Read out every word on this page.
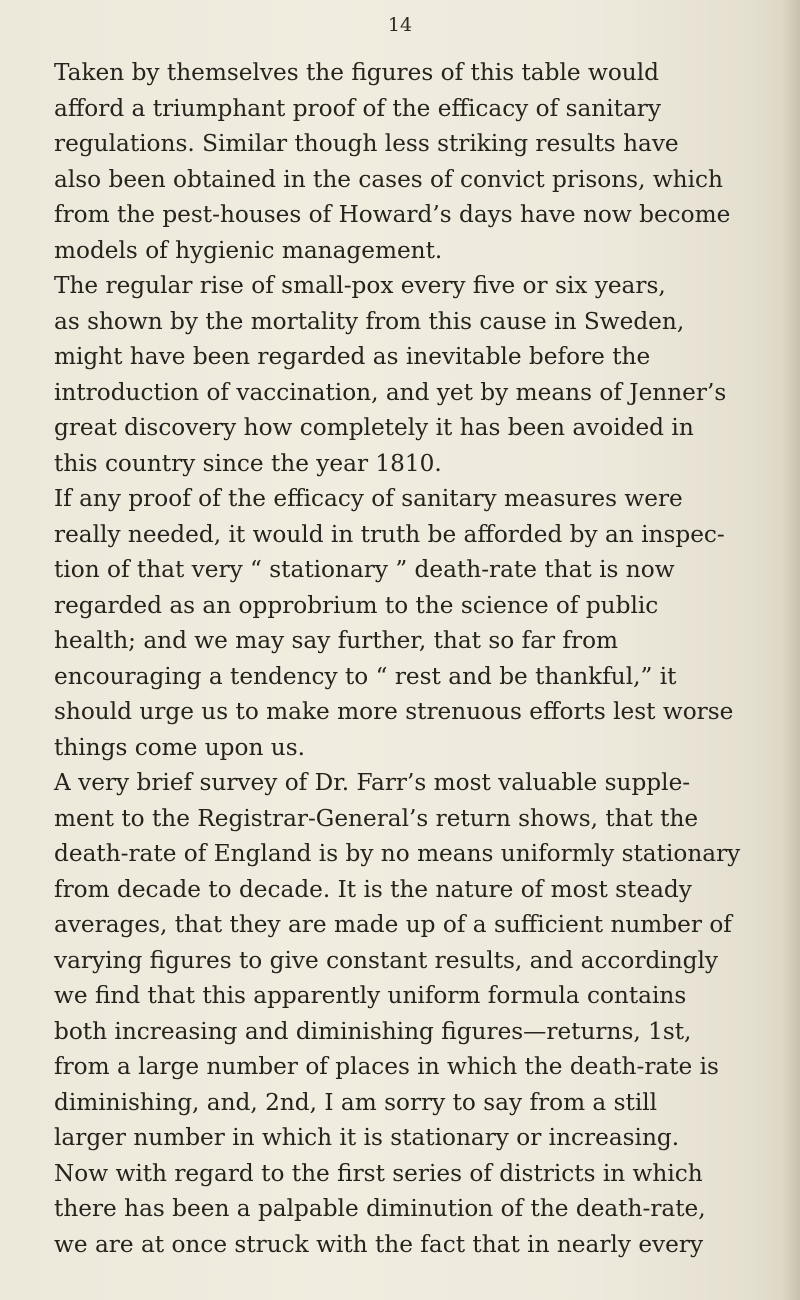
14
Taken by themselves the figures of this table would
afford a triumphant proof of the efficacy of sanitary
regulations. Similar though less striking results have
also been obtained in the cases of convict prisons, which
from the pest-houses of Howard’s days have now become
models of hygienic management.
The regular rise of small-pox every five or six years,
as shown by the mortality from this cause in Sweden,
might have been regarded as inevitable before the
introduction of vaccination, and yet by means of Jenner’s
great discovery how completely it has been avoided in
this country since the year 1810.
If any proof of the efficacy of sanitary measures were
really needed, it would in truth be afforded by an inspec-
tion of that very “ stationary ” death-rate that is now
regarded as an opprobrium to the science of public
health; and we may say further, that so far from
encouraging a tendency to “ rest and be thankful,” it
should urge us to make more strenuous efforts lest worse
things come upon us.
A very brief survey of Dr. Farr’s most valuable supple-
ment to the Registrar-General’s return shows, that the
death-rate of England is by no means uniformly stationary
from decade to decade. It is the nature of most steady
averages, that they are made up of a sufficient number of
varying figures to give constant results, and accordingly
we find that this apparently uniform formula contains
both increasing and diminishing figures—returns, 1st,
from a large number of places in which the death-rate is
diminishing, and, 2nd, I am sorry to say from a still
larger number in which it is stationary or increasing.
Now with regard to the first series of districts in which
there has been a palpable diminution of the death-rate,
we are at once struck with the fact that in nearly every
